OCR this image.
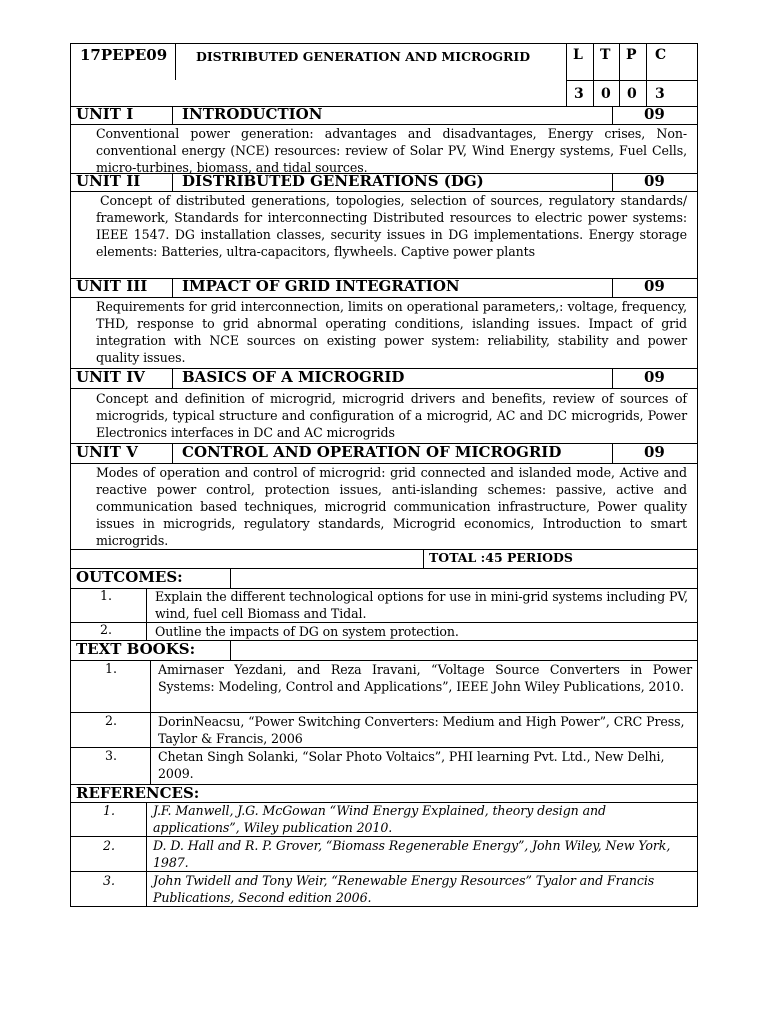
17PEPE09 DISTRIBUTED GENERATION AND MICROGRID	L T P C
3 0 0 3
UNIT I	INTRODUCTION	09
Conventional power generation: advantages and disadvantages, Energy crises, Non-conventional energy (NCE) resources: review of Solar PV, Wind Energy systems, Fuel Cells, micro-turbines, biomass, and tidal sources.
UNIT II	DISTRIBUTED GENERATIONS (DG)	09
Concept of distributed generations, topologies, selection of sources, regulatory standards/ framework, Standards for interconnecting Distributed resources to electric power systems: IEEE 1547. DG installation classes, security issues in DG implementations. Energy storage elements: Batteries, ultra-capacitors, flywheels. Captive power plants
UNIT III IMPACT OF GRID INTEGRATION	09
Requirements for grid interconnection, limits on operational parameters,: voltage, frequency, THD, response to grid abnormal operating conditions, islanding issues. Impact of grid integration with NCE sources on existing power system: reliability, stability and power quality issues.
UNIT IV BASICS OF A MICROGRID	09
Concept and definition of microgrid, microgrid drivers and benefits, review of sources of microgrids, typical structure and configuration of a microgrid, AC and DC microgrids, Power Electronics interfaces in DC and AC microgrids
UNIT V	CONTROL AND OPERATION OF MICROGRID	09
Modes of operation and control of microgrid: grid connected and islanded mode, Active and reactive power control, protection issues, anti-islanding schemes: passive, active and communication based techniques, microgrid communication infrastructure, Power quality issues in microgrids, regulatory standards, Microgrid economics, Introduction to smart microgrids.
TOTAL :45 PERIODS
OUTCOMES:
1.	Explain the different technological options for use in mini-grid systems including PV, wind, fuel cell Biomass and Tidal.
2.	Outline the impacts of DG on system protection.
TEXT BOOKS:
1.	Amirnaser Yezdani, and Reza Iravani, “Voltage Source Converters in Power Systems: Modeling, Control and Applications”, IEEE John Wiley Publications, 2010.
2.	DorinNeacsu, “Power Switching Converters: Medium and High Power”, CRC Press, Taylor & Francis, 2006
3.	Chetan Singh Solanki, “Solar Photo Voltaics”, PHI learning Pvt. Ltd., New Delhi, 2009.
REFERENCES:
1.	J.F. Manwell, J.G. McGowan “Wind Energy Explained, theory design and applications”, Wiley publication 2010.
2.	D. D. Hall and R. P. Grover, “Biomass Regenerable Energy”, John Wiley, New York, 1987.
3.	John Twidell and Tony Weir, “Renewable Energy Resources” Tyalor and Francis Publications, Second edition 2006.
